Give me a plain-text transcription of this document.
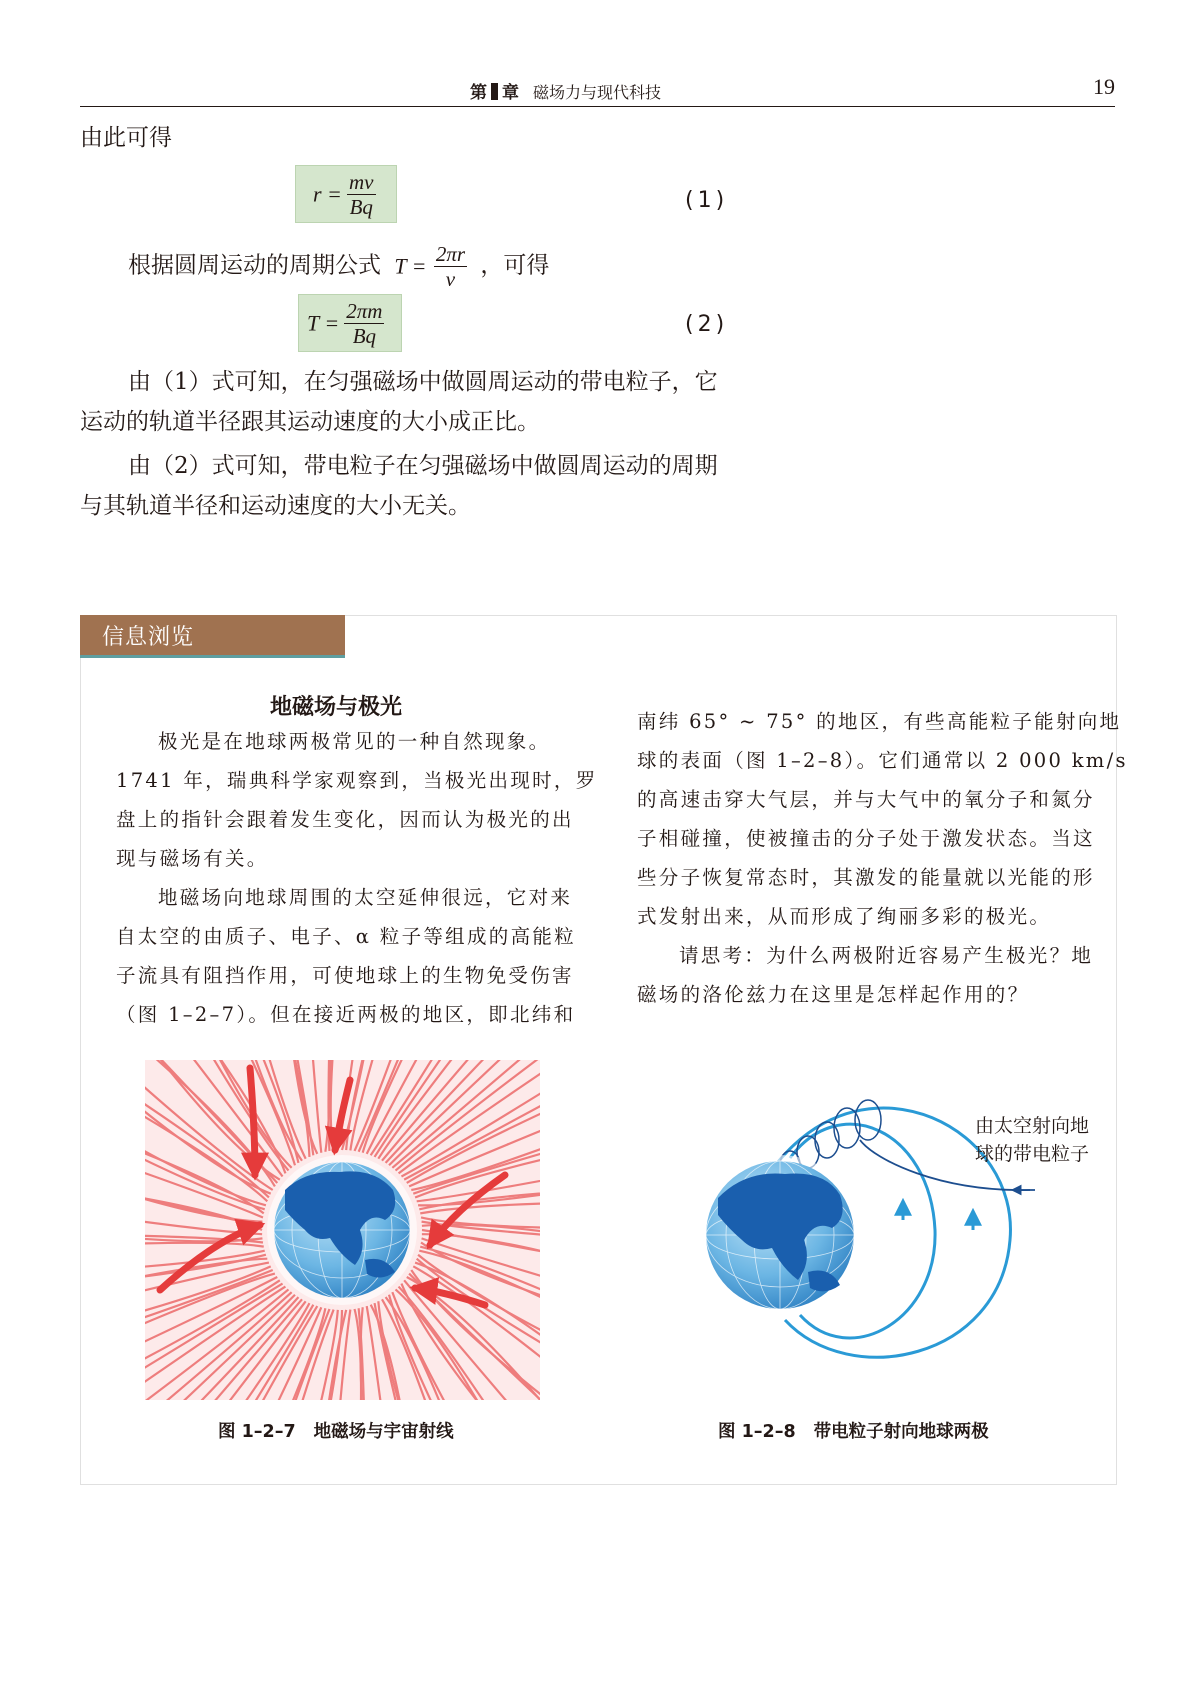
第 章 磁场力与现代科技	19
由此可得
$r = \frac{mv}{Bq}$	(1)
根据圆周运动的周期公式 $T = \frac{2\pi r}{v}$ ，可得
$T = \frac{2\pi m}{Bq}$	(2)
由（1）式可知，在匀强磁场中做圆周运动的带电粒子，它
运动的轨道半径跟其运动速度的大小成正比。
由（2）式可知，带电粒子在匀强磁场中做圆周运动的周期
与其轨道半径和运动速度的大小无关。
信息浏览
地磁场与极光
极光是在地球两极常见的一种自然现象。
1741 年，瑞典科学家观察到，当极光出现时，罗
盘上的指针会跟着发生变化，因而认为极光的出
现与磁场有关。
地磁场向地球周围的太空延伸很远，它对来
自太空的由质子、电子、α 粒子等组成的高能粒
子流具有阻挡作用，可使地球上的生物免受伤害
（图 1–2–7）。但在接近两极的地区，即北纬和
南纬 65° ~ 75° 的地区，有些高能粒子能射向地
球的表面（图 1–2–8）。它们通常以 2 000 km/s
的高速击穿大气层，并与大气中的氧分子和氮分
子相碰撞，使被撞击的分子处于激发状态。当这
些分子恢复常态时，其激发的能量就以光能的形
式发射出来，从而形成了绚丽多彩的极光。
请思考：为什么两极附近容易产生极光？地
磁场的洛伦兹力在这里是怎样起作用的？
图 1–2–7 地磁场与宇宙射线
由太空射向地
球的带电粒子
图 1–2–8 带电粒子射向地球两极
